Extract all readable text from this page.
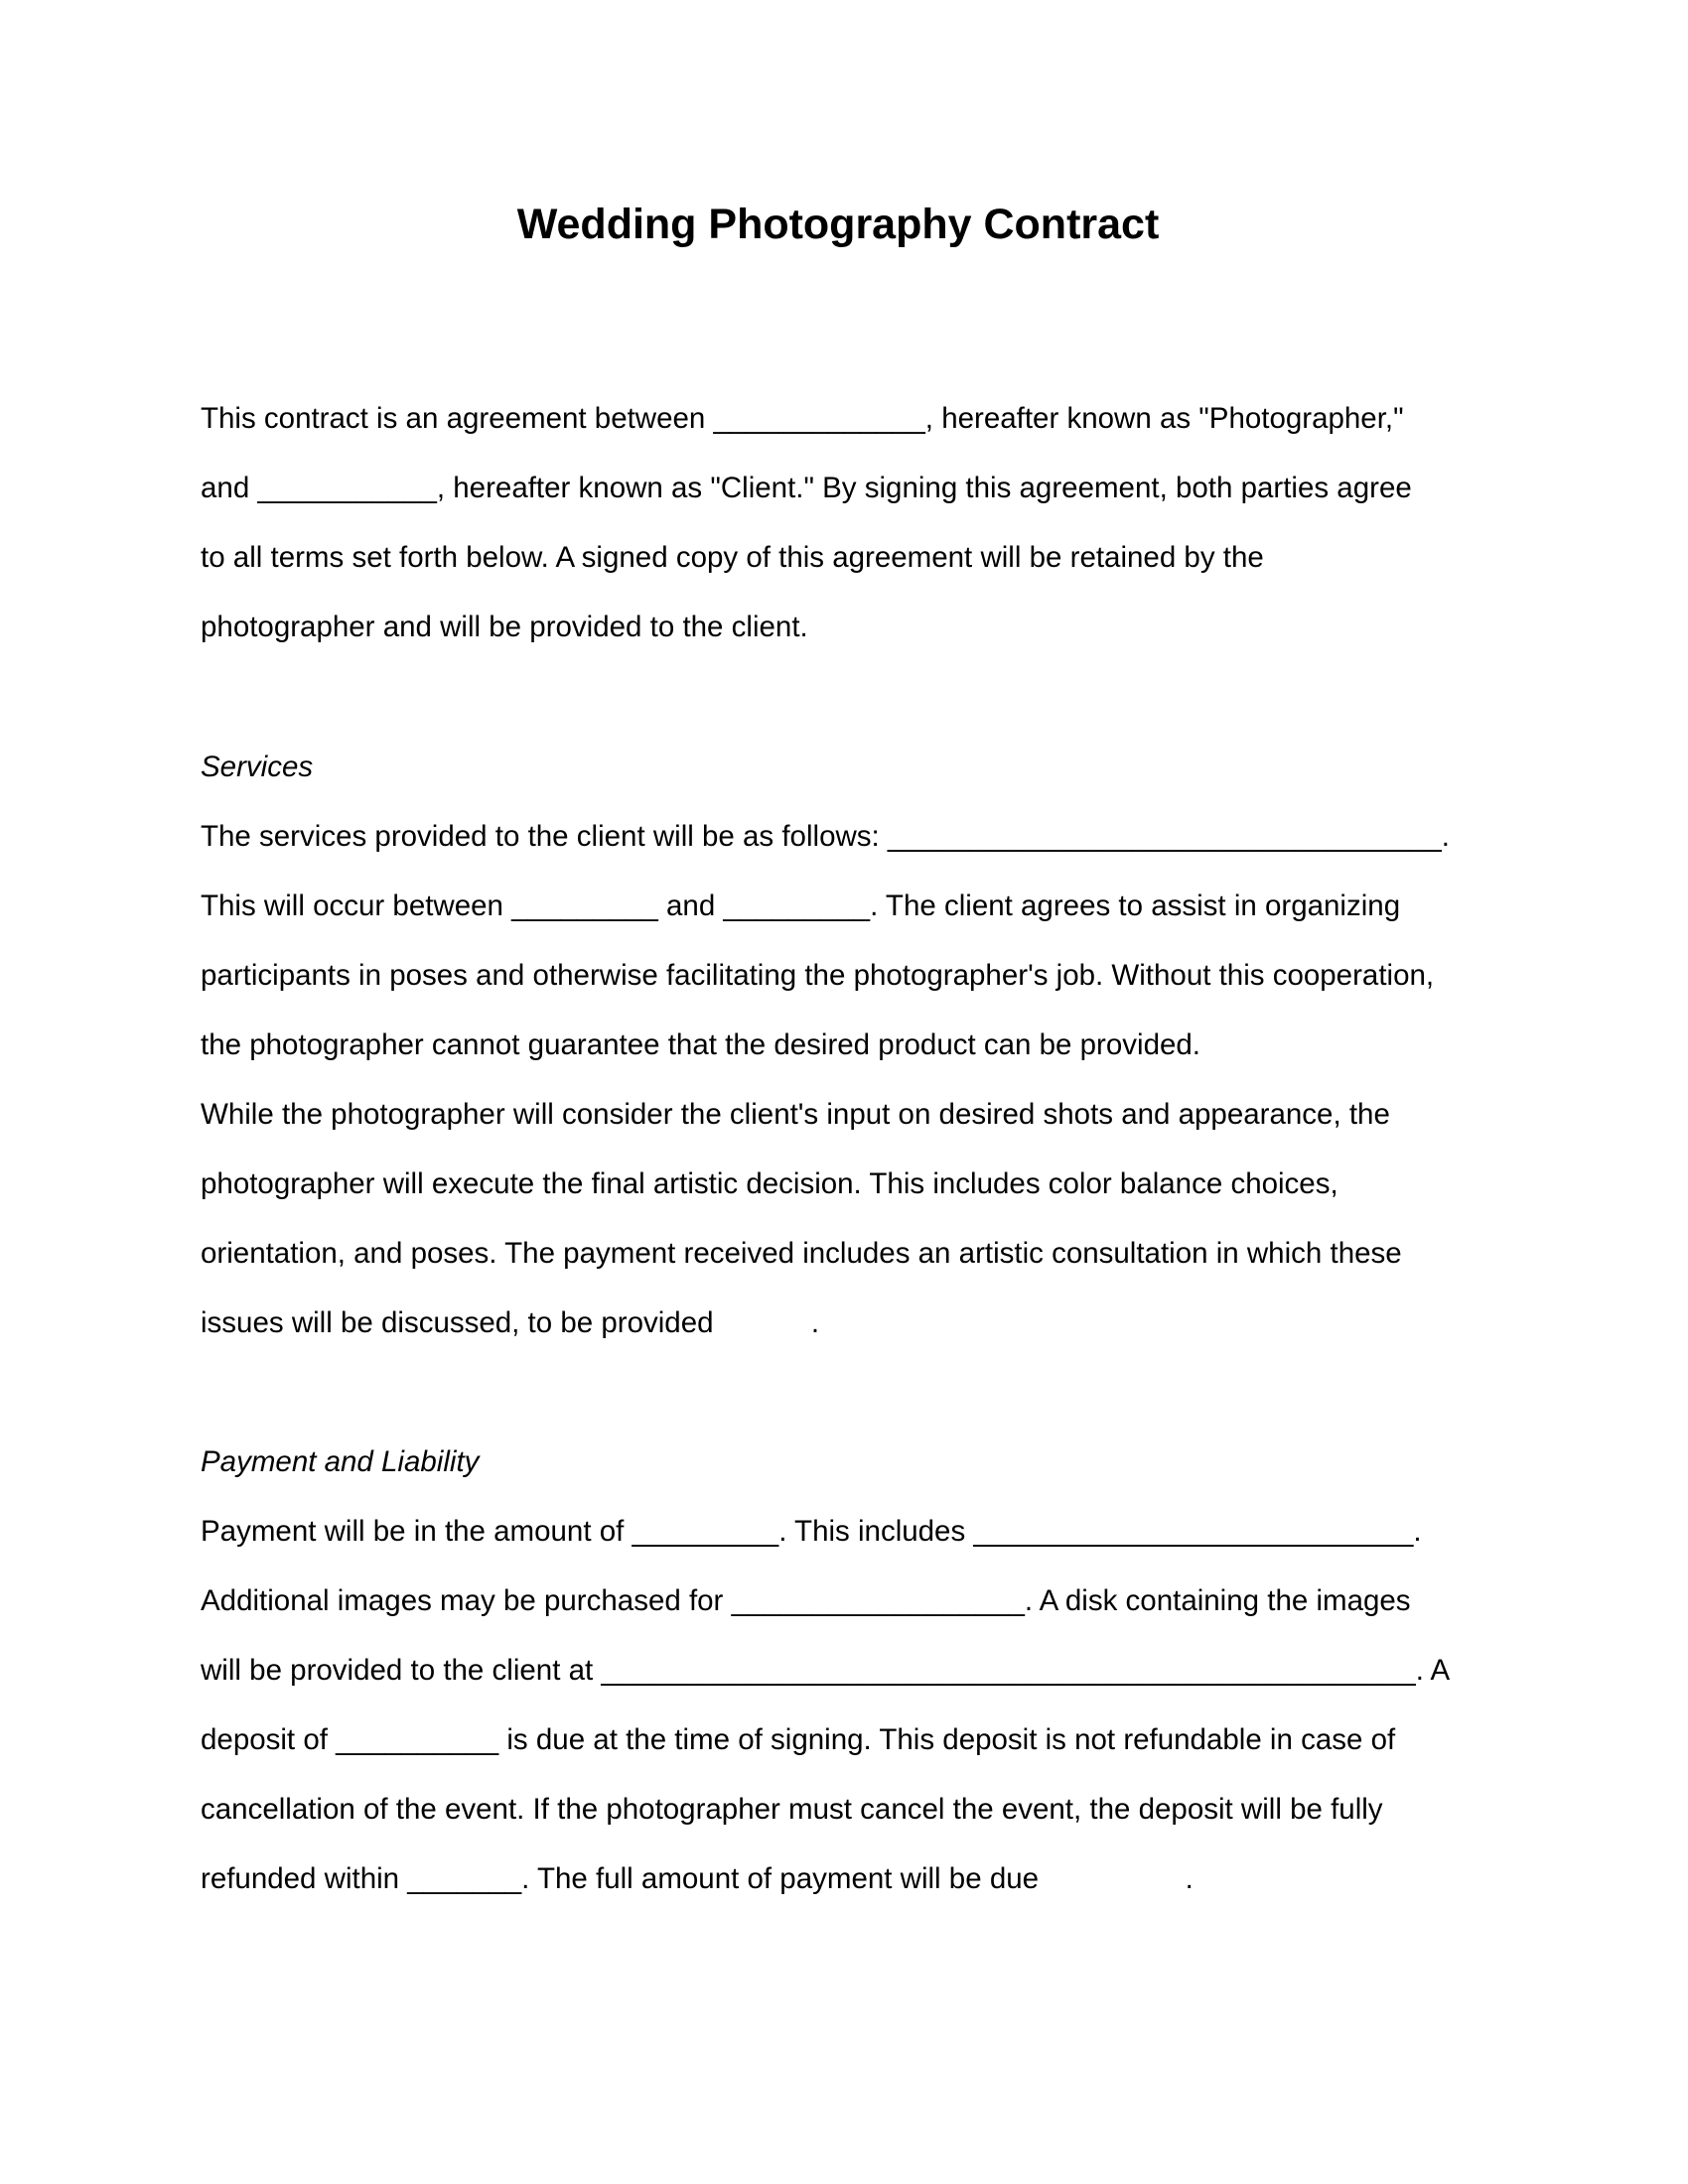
Wedding Photography Contract

This contract is an agreement between _____________, hereafter known as "Photographer,"

and ___________, hereafter known as "Client." By signing this agreement, both parties agree

to all terms set forth below. A signed copy of this agreement will be retained by the

photographer and will be provided to the client.

Services

The services provided to the client will be as follows: __________________________________.

This will occur between _________ and _________. The client agrees to assist in organizing

participants in poses and otherwise facilitating the photographer's job. Without this cooperation,

the photographer cannot guarantee that the desired product can be provided.

While the photographer will consider the client's input on desired shots and appearance, the

photographer will execute the final artistic decision. This includes color balance choices,

orientation, and poses. The payment received includes an artistic consultation in which these

issues will be discussed, to be provided            .

Payment and Liability

Payment will be in the amount of _________. This includes ___________________________.

Additional images may be purchased for __________________. A disk containing the images

will be provided to the client at __________________________________________________. A

deposit of __________ is due at the time of signing. This deposit is not refundable in case of

cancellation of the event. If the photographer must cancel the event, the deposit will be fully

refunded within _______. The full amount of payment will be due                  .
